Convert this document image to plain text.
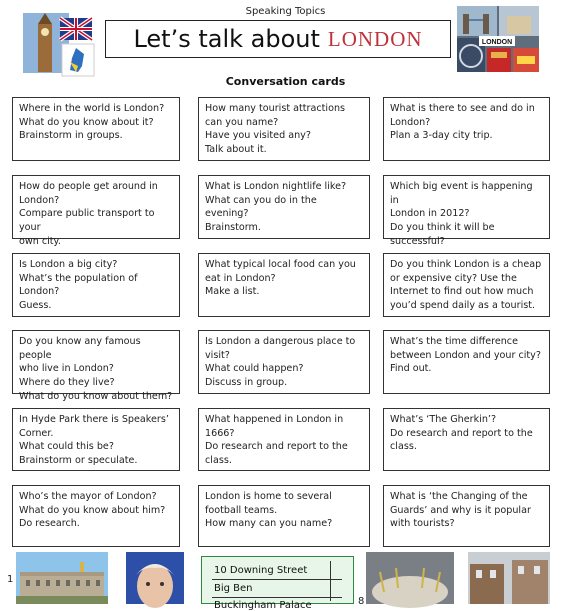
Speaking Topics
Let’s talk about LONDON	LONDON
Conversation cards
Where in the world is London?
What do you know about it?
Brainstorm in groups.
How many tourist attractions
can you name?
Have you visited any?
Talk about it.
What is there to see and do in
London?
Plan a 3-day city trip.
How do people get around in
London?
Compare public transport to your
own city.
What is London nightlife like?
What can you do in the evening?
Brainstorm.
Which big event is happening in
London in 2012?
Do you think it will be
successful?
Is London a big city?
What’s the population of
London?
Guess.
What typical local food can you
eat in London?
Make a list.
Do you think London is a cheap
or expensive city? Use the
Internet to find out how much
you’d spend daily as a tourist.
Do you know any famous people
who live in London?
Where do they live?
What do you know about them?
Is London a dangerous place to
visit?
What could happen?
Discuss in group.
What’s the time difference
between London and your city?
Find out.
In Hyde Park there is Speakers’
Corner.
What could this be?
Brainstorm or speculate.
What happened in London in
1666?
Do research and report to the
class.
What’s ‘The Gherkin’?
Do research and report to the
class.
Who’s the mayor of London?
What do you know about him?
Do research.
London is home to several
football teams.
How many can you name?
What is ‘the Changing of the
Guards’ and why is it popular
with tourists?
1
10 Downing Street
Big Ben
Buckingham Palace	8
